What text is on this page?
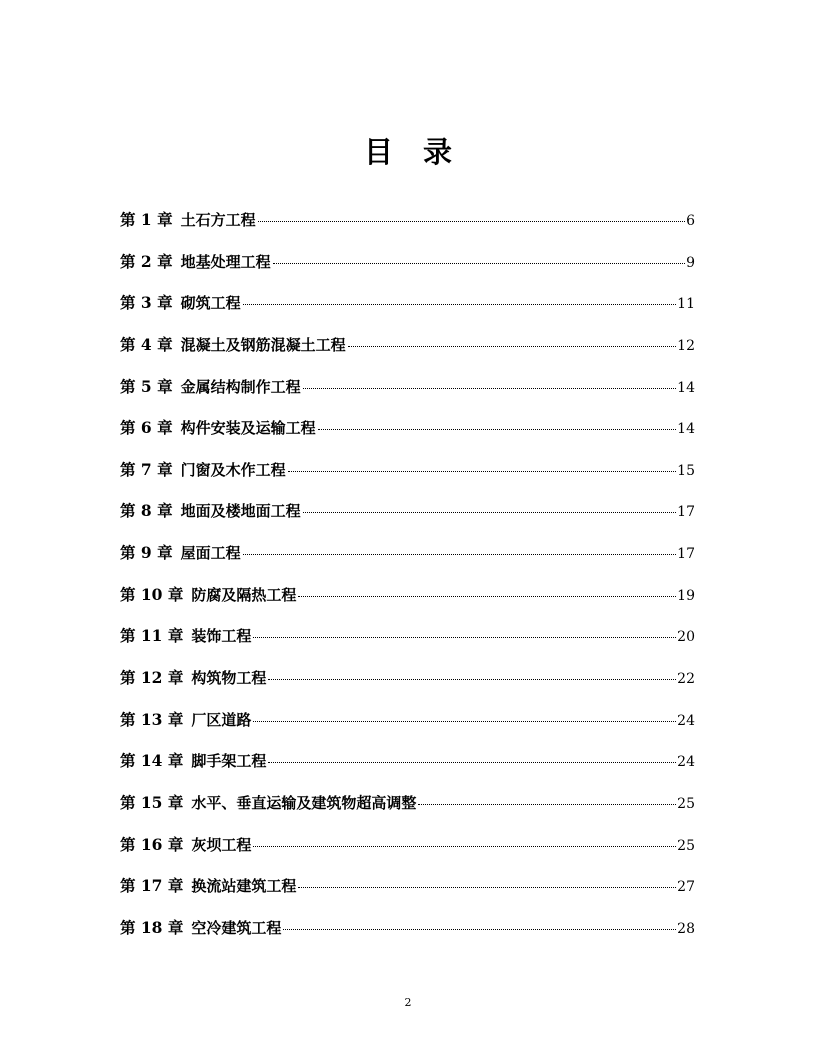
目 录
第 1 章 土石方工程	6
第 2 章 地基处理工程	9
第 3 章 砌筑工程	11
第 4 章 混凝土及钢筋混凝土工程	12
第 5 章 金属结构制作工程	14
第 6 章 构件安装及运输工程	14
第 7 章 门窗及木作工程	15
第 8 章 地面及楼地面工程	17
第 9 章 屋面工程	17
第 10 章 防腐及隔热工程	19
第 11 章 装饰工程	20
第 12 章 构筑物工程	22
第 13 章 厂区道路	24
第 14 章 脚手架工程	24
第 15 章 水平、垂直运输及建筑物超高调整	25
第 16 章 灰坝工程	25
第 17 章 换流站建筑工程	27
第 18 章 空冷建筑工程	28
2
